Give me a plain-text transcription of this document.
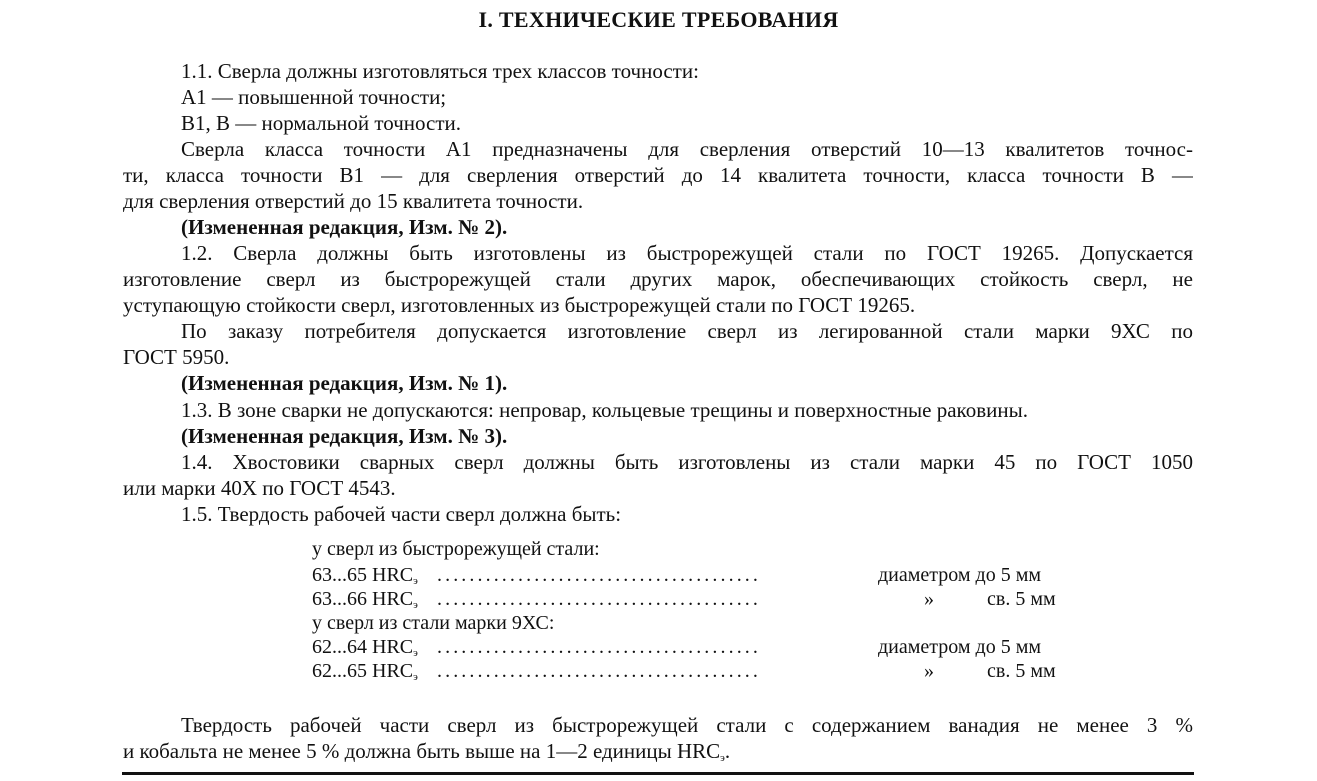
I. ТЕХНИЧЕСКИЕ ТРЕБОВАНИЯ
1.1. Сверла должны изготовляться трех классов точности:
А1 — повышенной точности;
В1, В — нормальной точности.
Сверла класса точности А1 предназначены для сверления отверстий 10—13 квалитетов точнос-
ти, класса точности В1 — для сверления отверстий до 14 квалитета точности, класса точности В —
для сверления отверстий до 15 квалитета точности.
(Измененная редакция, Изм. № 2).
1.2. Сверла должны быть изготовлены из быстрорежущей стали по ГОСТ 19265. Допускается
изготовление сверл из быстрорежущей стали других марок, обеспечивающих стойкость сверл, не
уступающую стойкости сверл, изготовленных из быстрорежущей стали по ГОСТ 19265.
По заказу потребителя допускается изготовление сверл из легированной стали марки 9ХС по
ГОСТ 5950.
(Измененная редакция, Изм. № 1).
1.3. В зоне сварки не допускаются: непровар, кольцевые трещины и поверхностные раковины.
(Измененная редакция, Изм. № 3).
1.4. Хвостовики сварных сверл должны быть изготовлены из стали марки 45 по ГОСТ 1050
или марки 40Х по ГОСТ 4543.
1.5. Твердость рабочей части сверл должна быть:
у сверл из быстрорежущей стали:
63...65 $HRC_э$ ........................................	диаметром до 5 мм
63...66 $HRC_э$ ........................................	»	св. 5 мм
у сверл из стали марки 9ХС:
62...64 $HRC_э$ ........................................	диаметром до 5 мм
62...65 $HRC_э$ ........................................	»	св. 5 мм
Твердость рабочей части сверл из быстрорежущей стали с содержанием ванадия не менее 3 %
и кобальта не менее 5 % должна быть выше на 1—2 единицы $HRC_э$.
